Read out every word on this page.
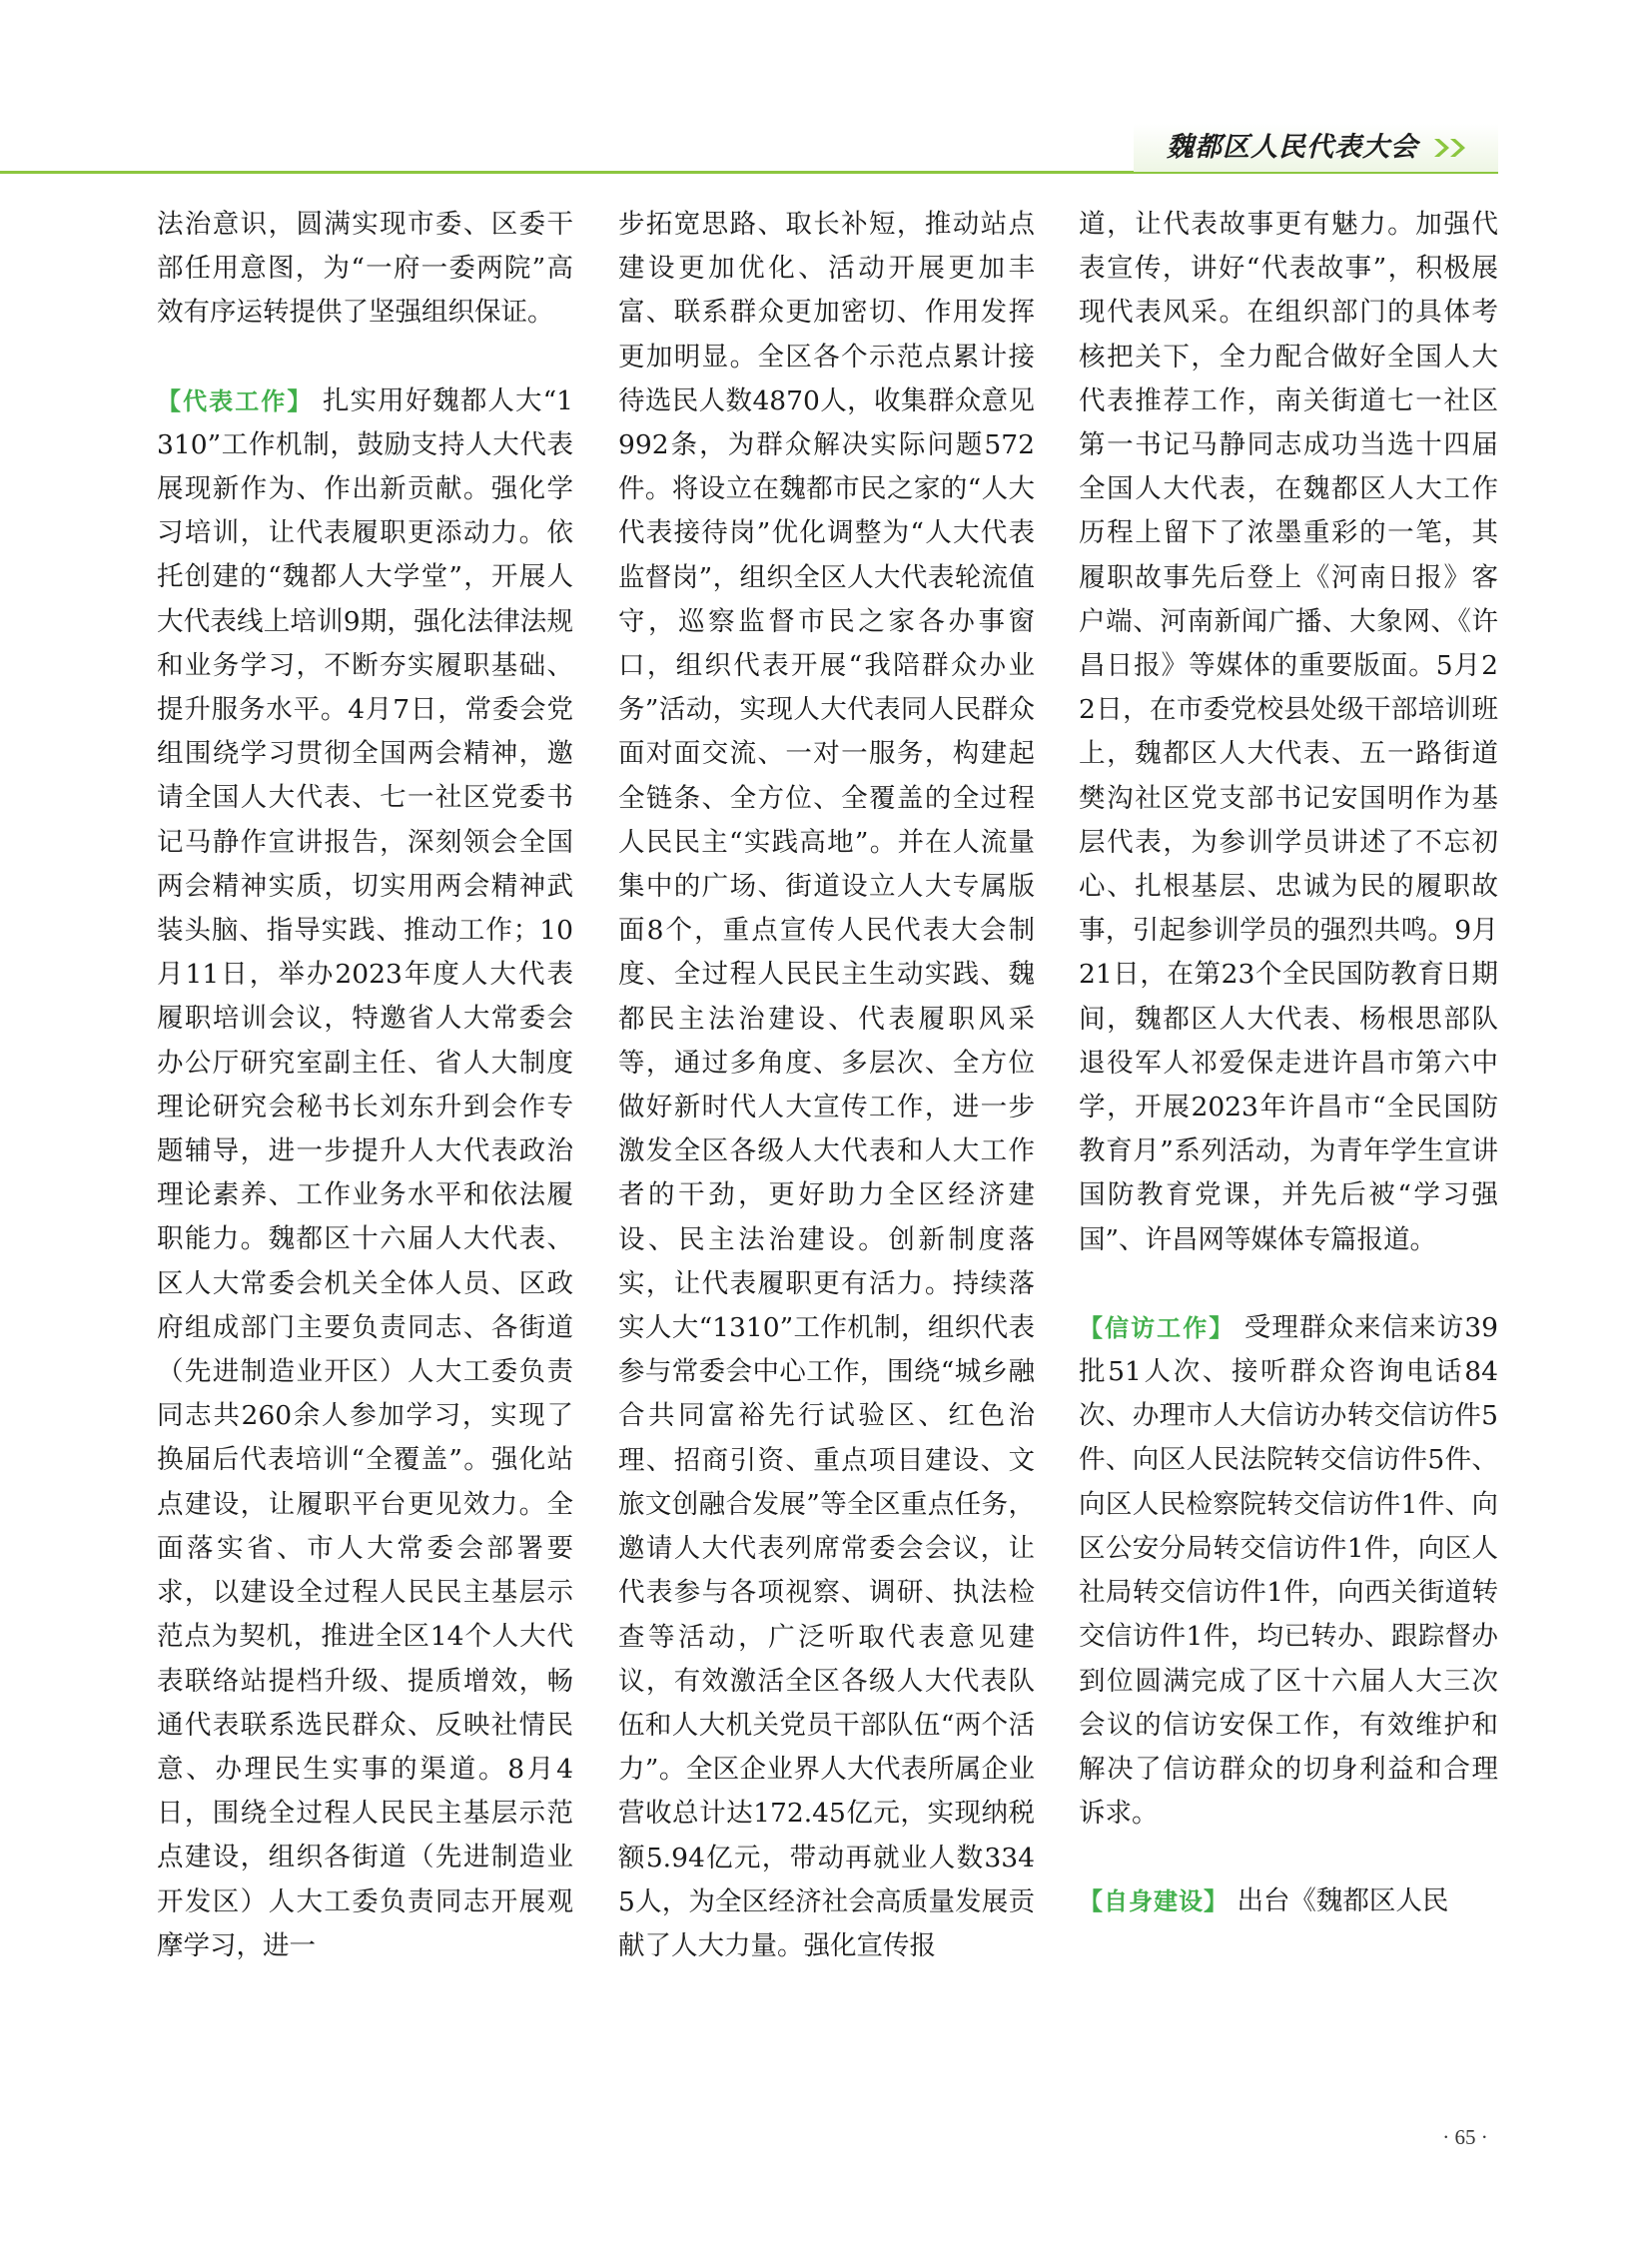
魏都区人民代表大会

法治意识，圆满实现市委、区委干部任用意图，为“一府一委两院”高效有序运转提供了坚强组织保证。

【代表工作】 扎实用好魏都人大“1310”工作机制，鼓励支持人大代表展现新作为、作出新贡献。强化学习培训，让代表履职更添动力。依托创建的“魏都人大学堂”，开展人大代表线上培训9期，强化法律法规和业务学习，不断夯实履职基础、提升服务水平。4月7日，常委会党组围绕学习贯彻全国两会精神，邀请全国人大代表、七一社区党委书记马静作宣讲报告，深刻领会全国两会精神实质，切实用两会精神武装头脑、指导实践、推动工作；10月11日，举办2023年度人大代表履职培训会议，特邀省人大常委会办公厅研究室副主任、省人大制度理论研究会秘书长刘东升到会作专题辅导，进一步提升人大代表政治理论素养、工作业务水平和依法履职能力。魏都区十六届人大代表、区人大常委会机关全体人员、区政府组成部门主要负责同志、各街道（先进制造业开区）人大工委负责同志共260余人参加学习，实现了换届后代表培训“全覆盖”。强化站点建设，让履职平台更见效力。全面落实省、市人大常委会部署要求，以建设全过程人民民主基层示范点为契机，推进全区14个人大代表联络站提档升级、提质增效，畅通代表联系选民群众、反映社情民意、办理民生实事的渠道。8月4日，围绕全过程人民民主基层示范点建设，组织各街道（先进制造业开发区）人大工委负责同志开展观摩学习，进一

步拓宽思路、取长补短，推动站点建设更加优化、活动开展更加丰富、联系群众更加密切、作用发挥更加明显。全区各个示范点累计接待选民人数4870人，收集群众意见992条，为群众解决实际问题572件。将设立在魏都市民之家的“人大代表接待岗”优化调整为“人大代表监督岗”，组织全区人大代表轮流值守，巡察监督市民之家各办事窗口，组织代表开展“我陪群众办业务”活动，实现人大代表同人民群众面对面交流、一对一服务，构建起全链条、全方位、全覆盖的全过程人民民主“实践高地”。并在人流量集中的广场、街道设立人大专属版面8个，重点宣传人民代表大会制度、全过程人民民主生动实践、魏都民主法治建设、代表履职风采等，通过多角度、多层次、全方位做好新时代人大宣传工作，进一步激发全区各级人大代表和人大工作者的干劲，更好助力全区经济建设、民主法治建设。创新制度落实，让代表履职更有活力。持续落实人大“1310”工作机制，组织代表参与常委会中心工作，围绕“城乡融合共同富裕先行试验区、红色治理、招商引资、重点项目建设、文旅文创融合发展”等全区重点任务，邀请人大代表列席常委会会议，让代表参与各项视察、调研、执法检查等活动，广泛听取代表意见建议，有效激活全区各级人大代表队伍和人大机关党员干部队伍“两个活力”。全区企业界人大代表所属企业营收总计达172.45亿元，实现纳税额5.94亿元，带动再就业人数3345人，为全区经济社会高质量发展贡献了人大力量。强化宣传报

道，让代表故事更有魅力。加强代表宣传，讲好“代表故事”，积极展现代表风采。在组织部门的具体考核把关下，全力配合做好全国人大代表推荐工作，南关街道七一社区第一书记马静同志成功当选十四届全国人大代表，在魏都区人大工作历程上留下了浓墨重彩的一笔，其履职故事先后登上《河南日报》客户端、河南新闻广播、大象网、《许昌日报》等媒体的重要版面。5月22日，在市委党校县处级干部培训班上，魏都区人大代表、五一路街道樊沟社区党支部书记安国明作为基层代表，为参训学员讲述了不忘初心、扎根基层、忠诚为民的履职故事，引起参训学员的强烈共鸣。9月21日，在第23个全民国防教育日期间，魏都区人大代表、杨根思部队退役军人祁爱保走进许昌市第六中学，开展2023年许昌市“全民国防教育月”系列活动，为青年学生宣讲国防教育党课，并先后被“学习强国”、许昌网等媒体专篇报道。

【信访工作】 受理群众来信来访39批51人次、接听群众咨询电话84次、办理市人大信访办转交信访件5件、向区人民法院转交信访件5件、向区人民检察院转交信访件1件、向区公安分局转交信访件1件，向区人社局转交信访件1件，向西关街道转交信访件1件，均已转办、跟踪督办到位圆满完成了区十六届人大三次会议的信访安保工作，有效维护和解决了信访群众的切身利益和合理诉求。

【自身建设】 出台《魏都区人民

· 65 ·
